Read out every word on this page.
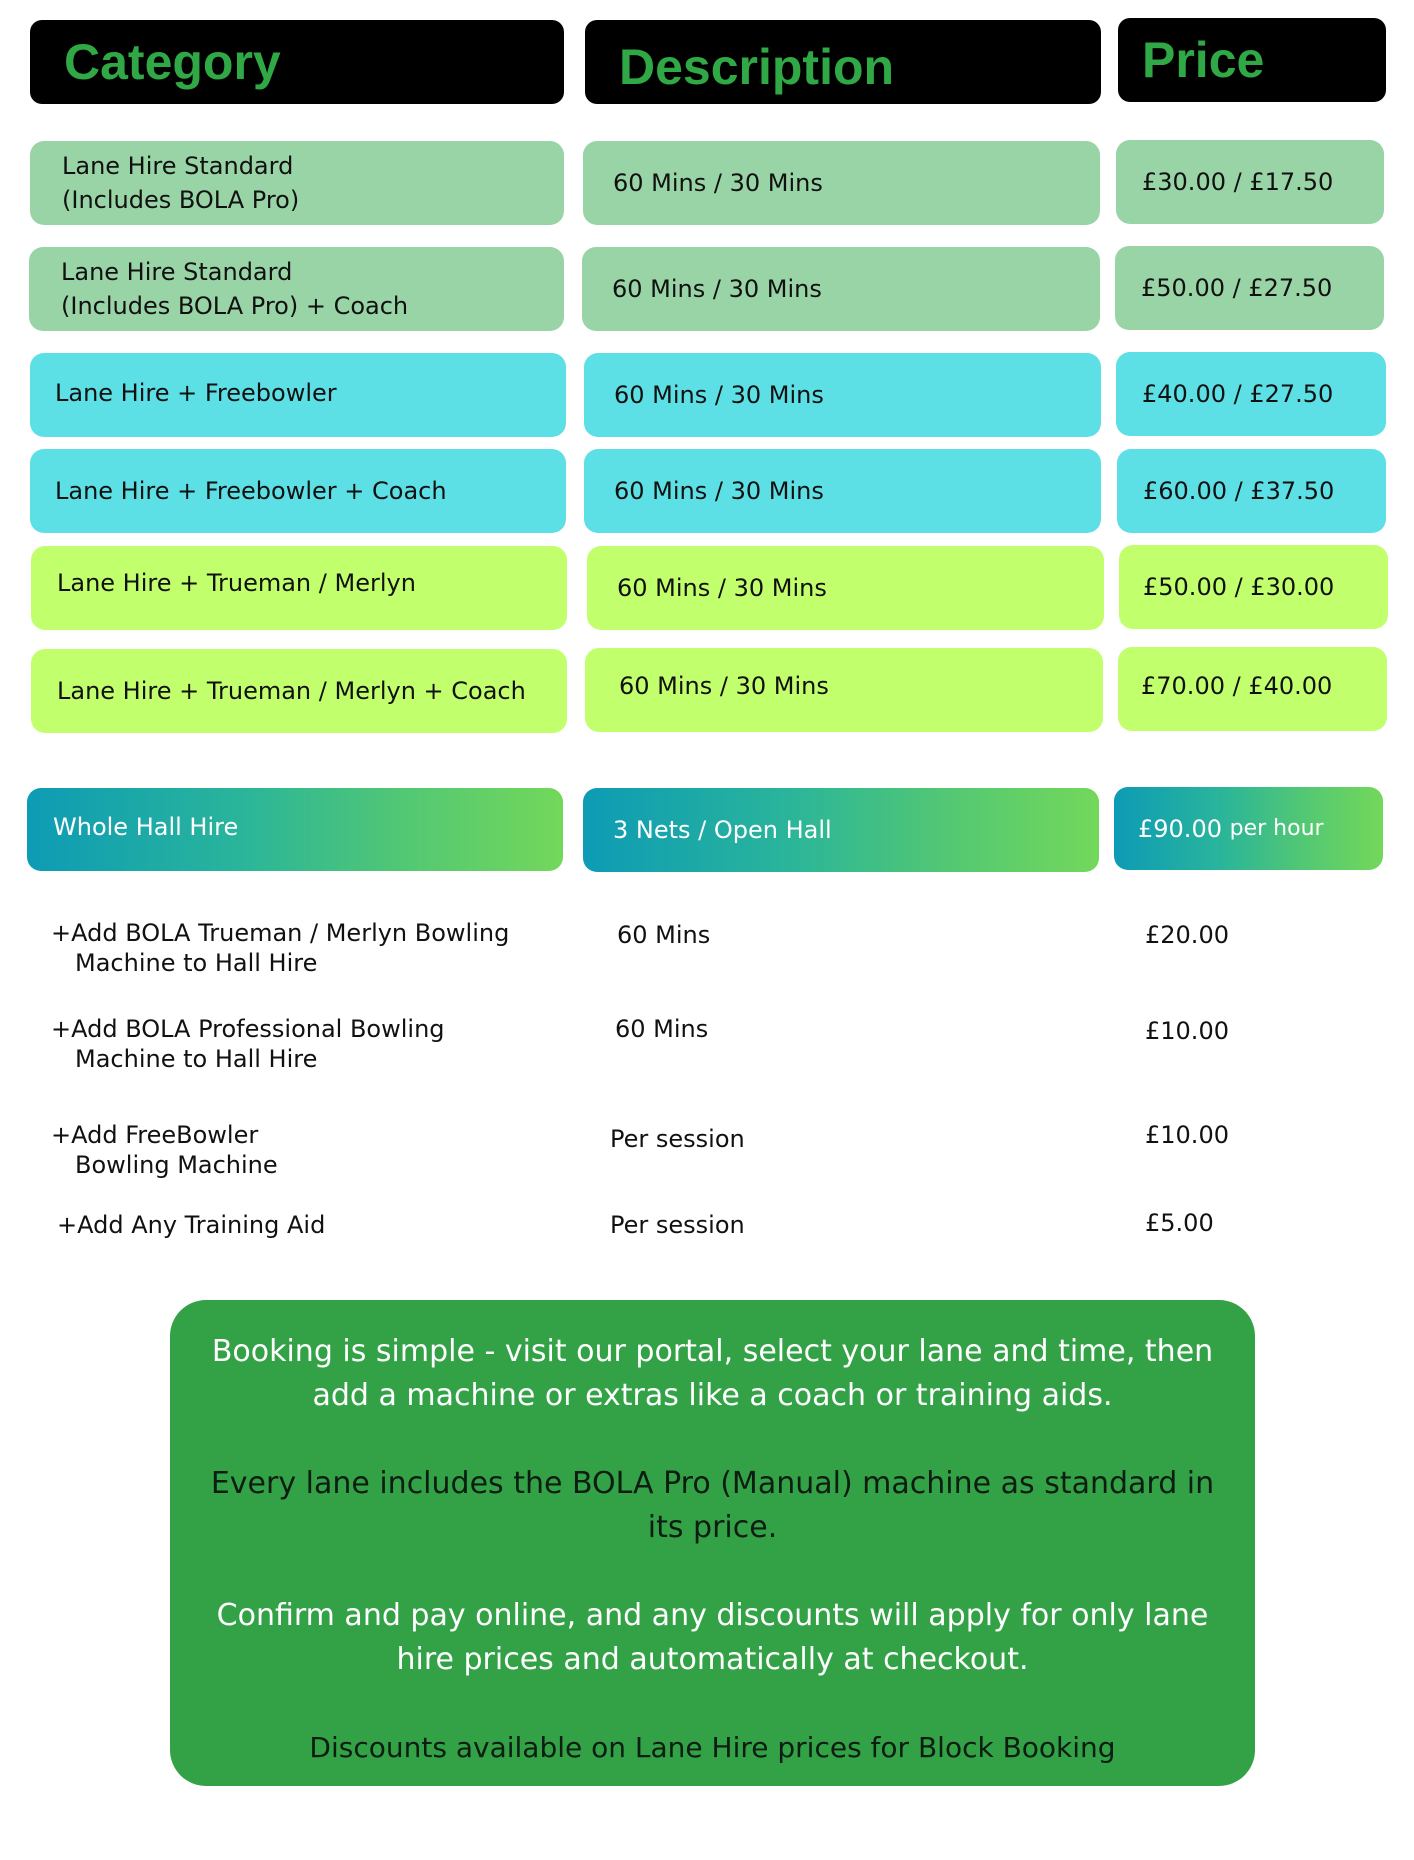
Category	Description	Price
Lane Hire Standard
(Includes BOLA Pro)
60 Mins / 30 Mins	£30.00 / £17.50
Lane Hire Standard
(Includes BOLA Pro) + Coach
60 Mins / 30 Mins	£50.00 / £27.50
Lane Hire + Freebowler	60 Mins / 30 Mins	£40.00 / £27.50
Lane Hire + Freebowler + Coach	60 Mins / 30 Mins	£60.00 / £37.50
Lane Hire + Trueman / Merlyn	60 Mins / 30 Mins	£50.00 / £30.00
Lane Hire + Trueman / Merlyn + Coach	60 Mins / 30 Mins	£70.00 / £40.00
Whole Hall Hire	3 Nets / Open Hall	£90.00
per hour
+Add BOLA Trueman / Merlyn Bowling
Machine to Hall Hire
60 Mins	£20.00
+Add BOLA Professional Bowling
Machine to Hall Hire
60 Mins	£10.00
+Add FreeBowler
Bowling Machine
Per session	£10.00
+Add Any Training Aid	Per session	£5.00

Booking is simple - visit our portal, select your lane and time, then add a machine or extras like a coach or training aids.

Every lane includes the BOLA Pro (Manual) machine as standard in its price.

Confirm and pay online, and any discounts will apply for only lane hire prices and automatically at checkout.

Discounts available on Lane Hire prices for Block Booking
